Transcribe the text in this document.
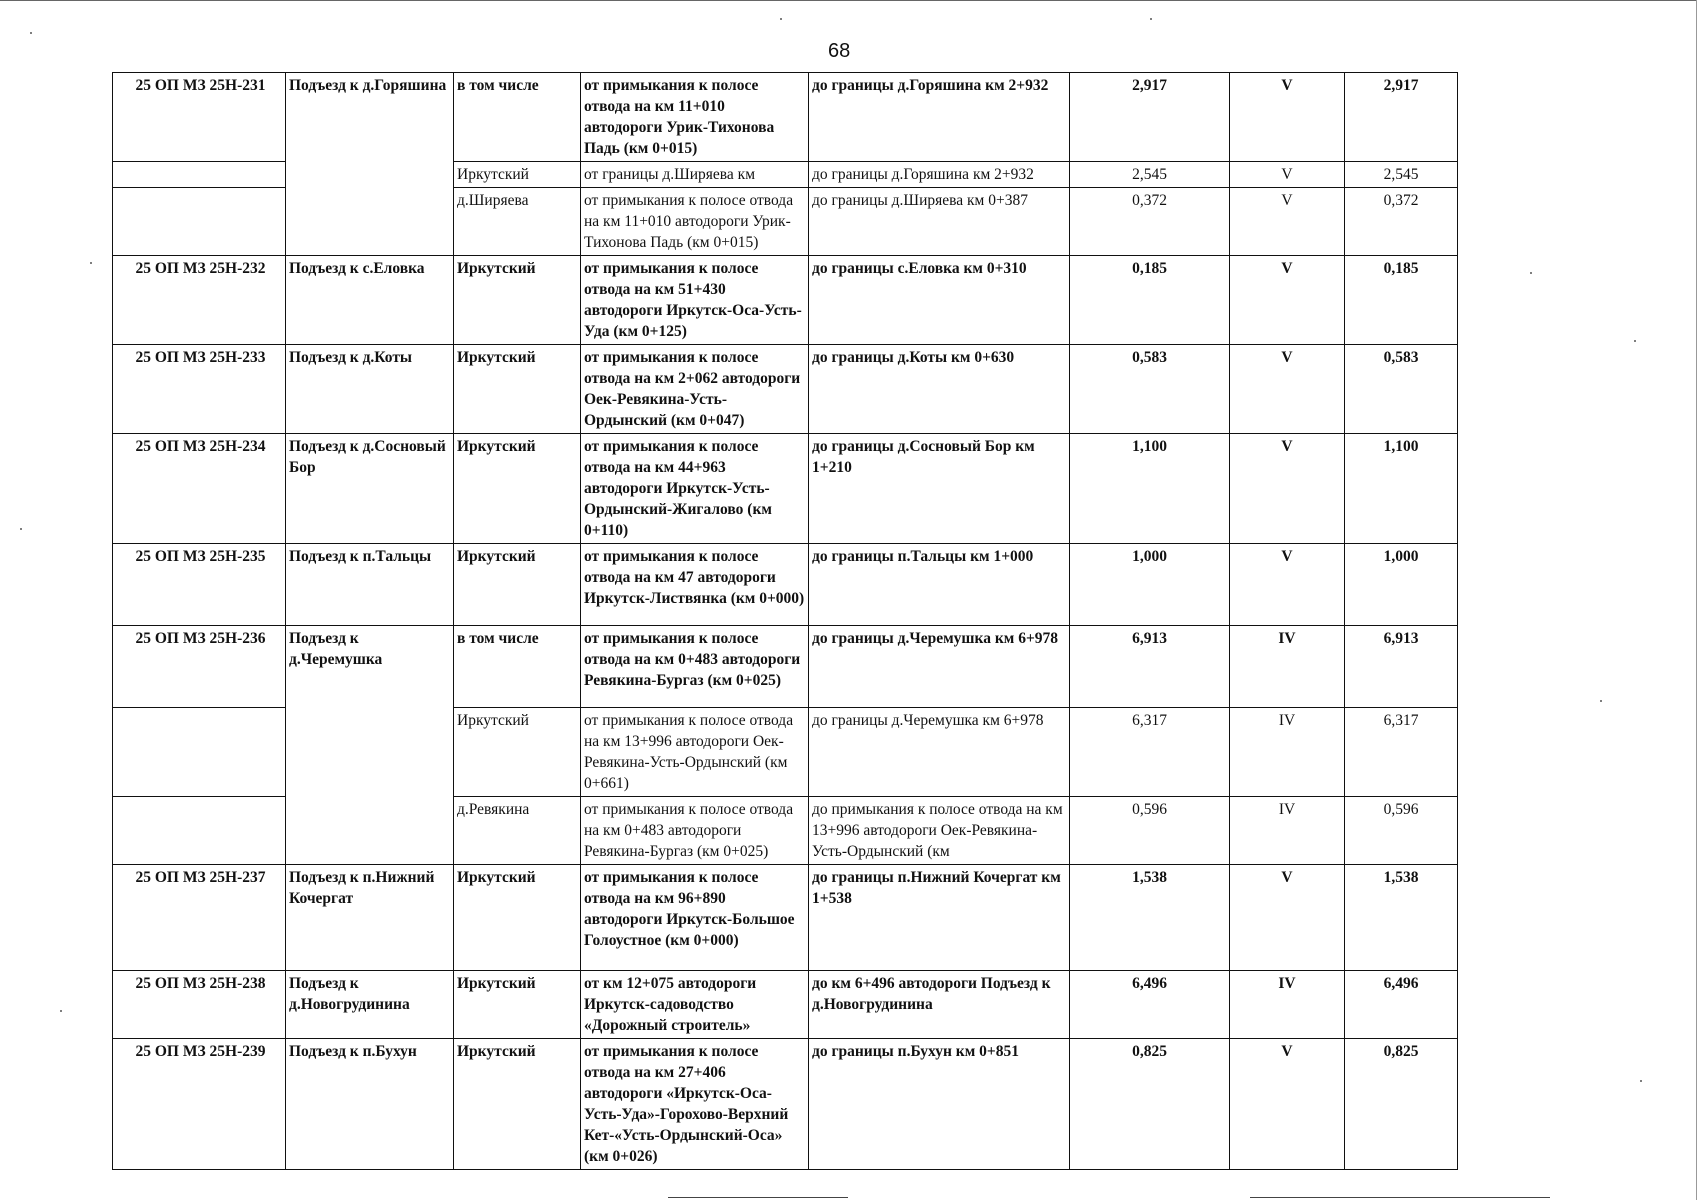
68
25 ОП МЗ 25Н-231	Подъезд к д.Горяшина	в том числе	от примыкания к полосе отвода на км 11+010 автодороги Урик-Тихонова Падь (км 0+015)	до границы д.Горяшина км 2+932	2,917	V	2,917
		Иркутский	от границы д.Ширяева км	до границы д.Горяшина км 2+932	2,545	V	2,545
		д.Ширяева	от примыкания к полосе отвода на км 11+010 автодороги Урик-Тихонова Падь (км 0+015)	до границы д.Ширяева км 0+387	0,372	V	0,372
25 ОП МЗ 25Н-232	Подъезд к с.Еловка	Иркутский	от примыкания к полосе отвода на км 51+430 автодороги Иркутск-Оса-Усть-Уда (км 0+125)	до границы с.Еловка км 0+310	0,185	V	0,185
25 ОП МЗ 25Н-233	Подъезд к д.Коты	Иркутский	от примыкания к полосе отвода на км 2+062 автодороги Оек-Ревякина-Усть-Ордынский (км 0+047)	до границы д.Коты км 0+630	0,583	V	0,583
25 ОП МЗ 25Н-234	Подъезд к д.Сосновый Бор	Иркутский	от примыкания к полосе отвода на км 44+963 автодороги Иркутск-Усть-Ордынский-Жигалово (км 0+110)	до границы д.Сосновый Бор км 1+210	1,100	V	1,100
25 ОП МЗ 25Н-235	Подъезд к п.Тальцы	Иркутский	от примыкания к полосе отвода на км 47 автодороги Иркутск-Листвянка (км 0+000)	до границы п.Тальцы км 1+000	1,000	V	1,000
25 ОП МЗ 25Н-236	Подъезд к д.Черемушка	в том числе	от примыкания к полосе отвода на км 0+483 автодороги Ревякина-Бургаз (км 0+025)	до границы д.Черемушка км 6+978	6,913	IV	6,913
		Иркутский	от примыкания к полосе отвода на км 13+996 автодороги Оек-Ревякина-Усть-Ордынский (км 0+661)	до границы д.Черемушка км 6+978	6,317	IV	6,317
		д.Ревякина	от примыкания к полосе отвода на км 0+483 автодороги Ревякина-Бургаз (км 0+025)	до примыкания к полосе отвода на км 13+996 автодороги Оек-Ревякина-Усть-Ордынский (км	0,596	IV	0,596
25 ОП МЗ 25Н-237	Подъезд к п.Нижний Кочергат	Иркутский	от примыкания к полосе отвода на км 96+890 автодороги Иркутск-Большое Голоустное (км 0+000)	до границы п.Нижний Кочергат км 1+538	1,538	V	1,538
25 ОП МЗ 25Н-238	Подъезд к д.Новогрудинина	Иркутский	от км 12+075 автодороги Иркутск-садоводство «Дорожный строитель»	до км 6+496 автодороги Подъезд к д.Новогрудинина	6,496	IV	6,496
25 ОП МЗ 25Н-239	Подъезд к п.Бухун	Иркутский	от примыкания к полосе отвода на км 27+406 автодороги «Иркутск-Оса-Усть-Уда»-Горохово-Верхний Кет-«Усть-Ордынский-Оса» (км 0+026)	до границы п.Бухун км 0+851	0,825	V	0,825
